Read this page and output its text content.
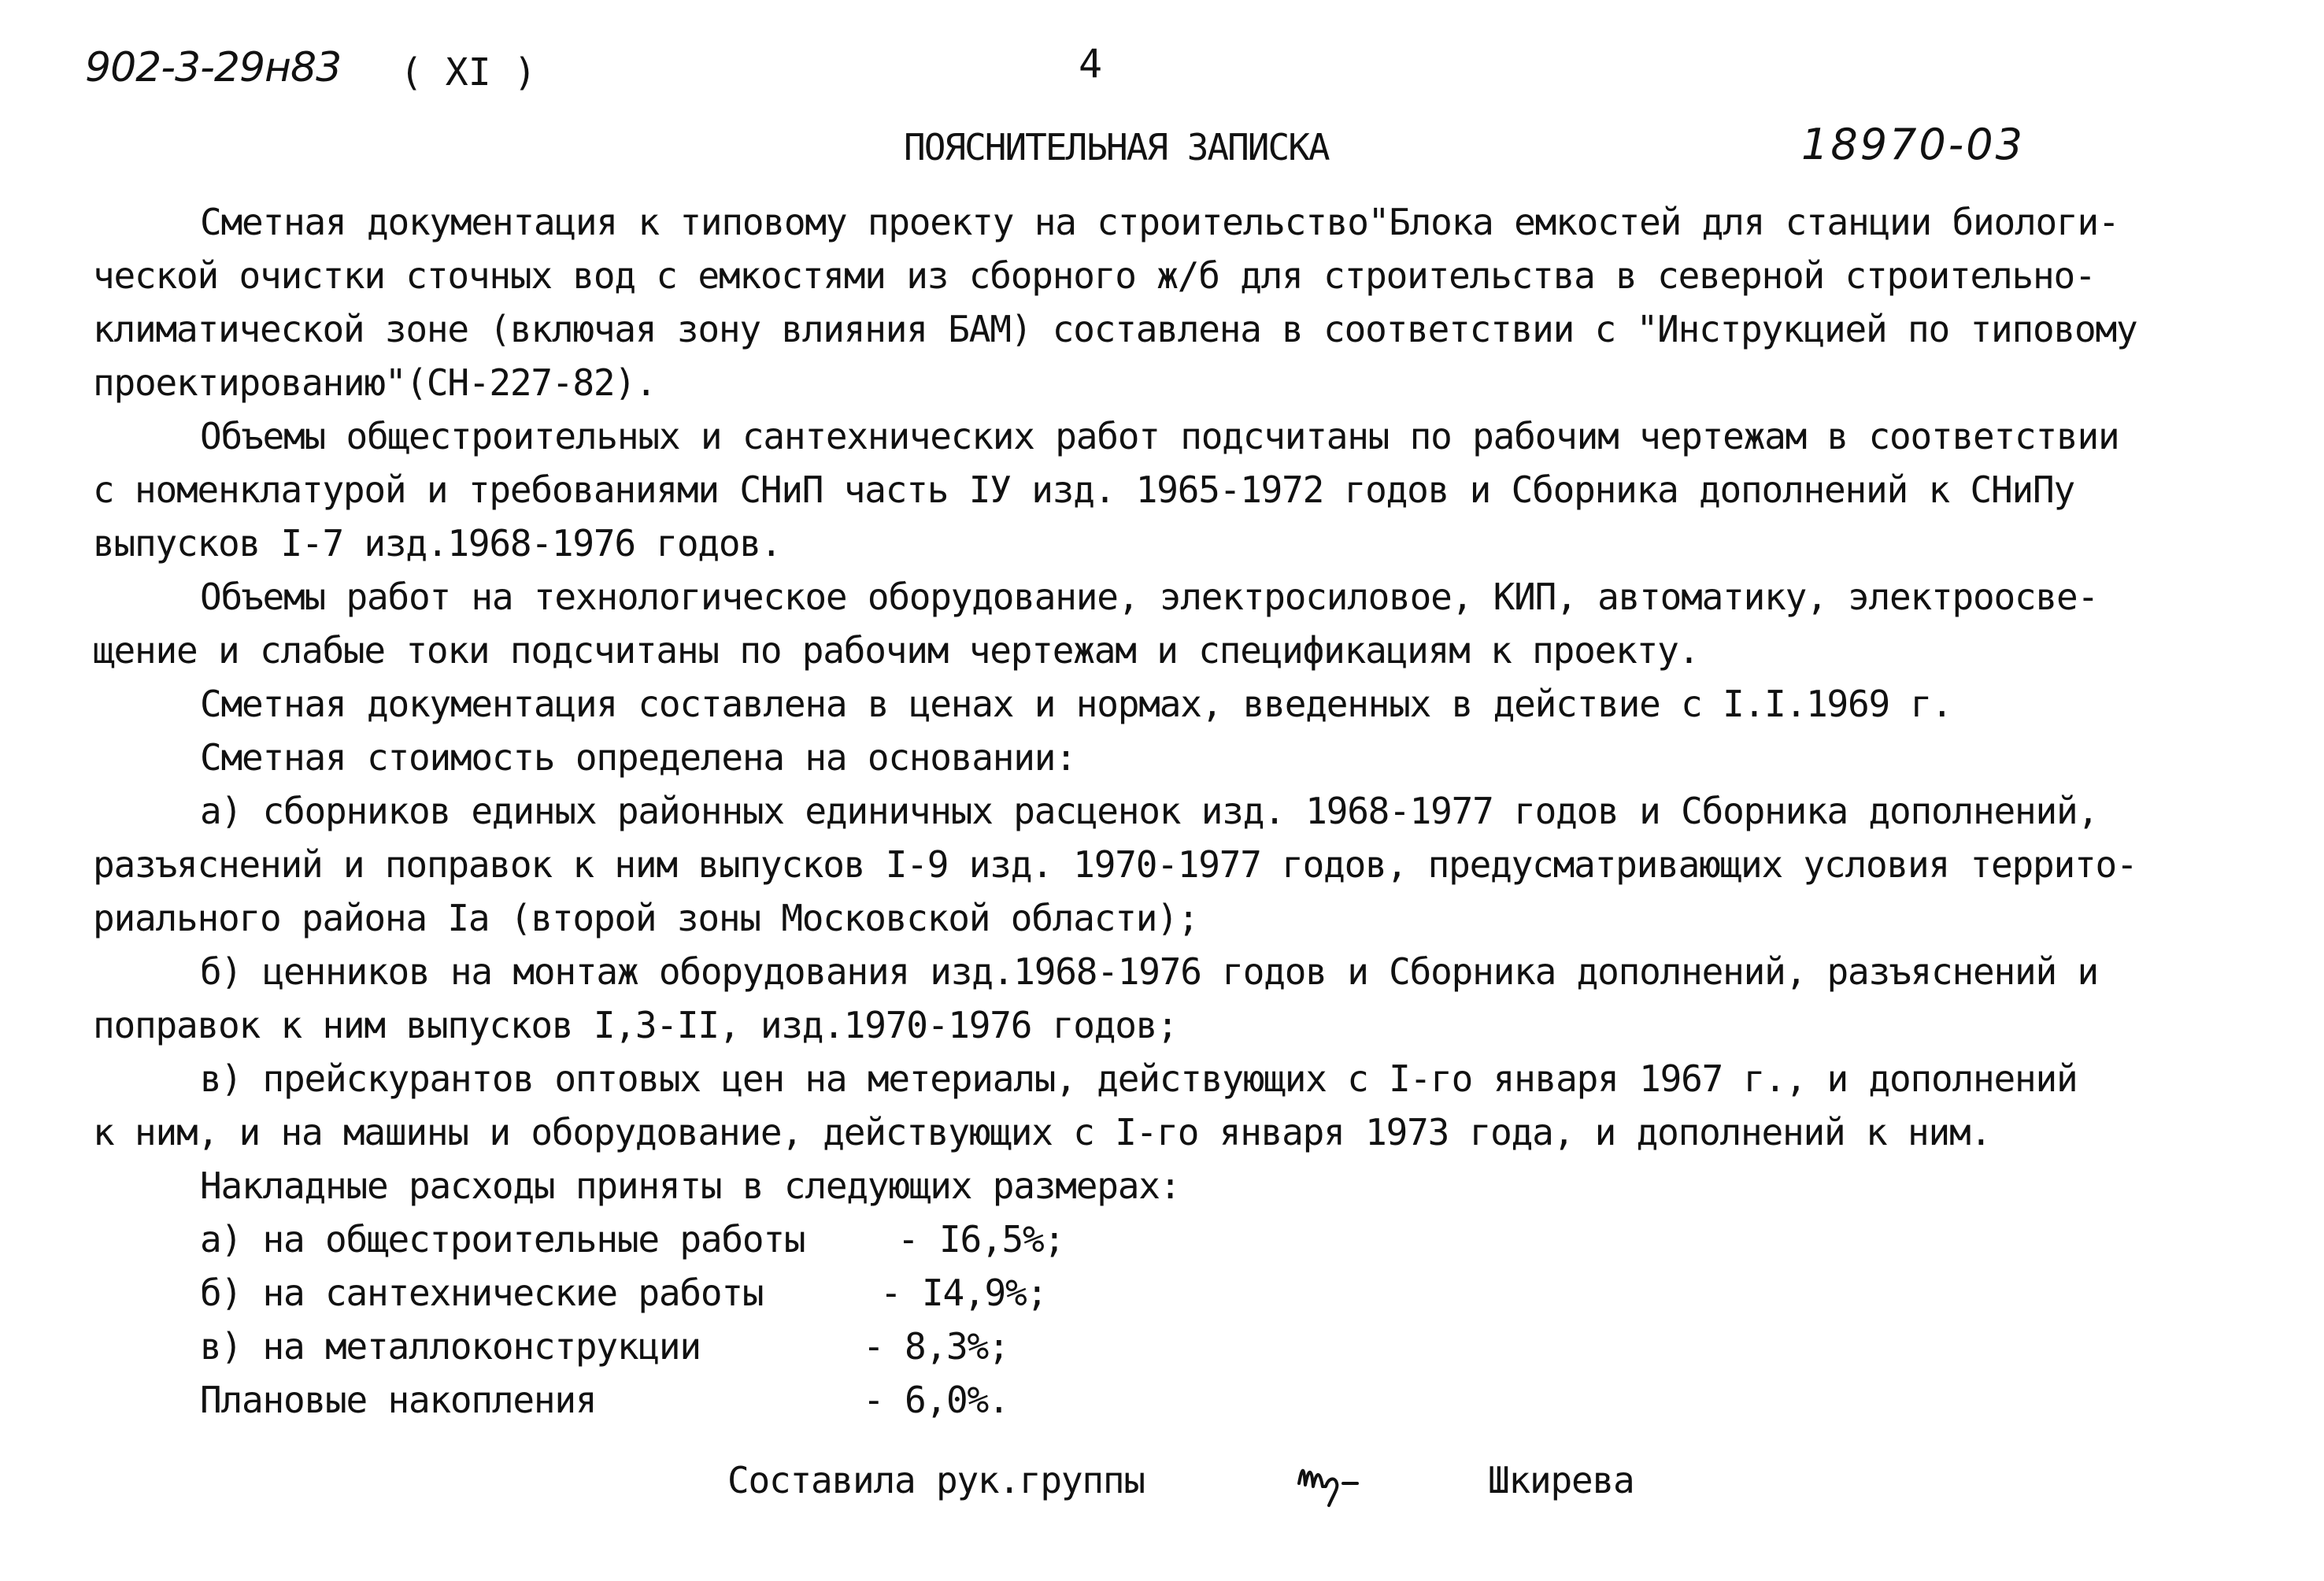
902-3-29н83 ( XI )	4
ПОЯСНИТЕЛЬНАЯ ЗАПИСКА	18970-03
Сметная документация к типовому проекту на строительство"Блока емкостей для станции биологи-
ческой очистки сточных вод с емкостями из сборного ж/б для строительства в северной строительно-
климатической зоне (включая зону влияния БАМ) составлена в соответствии с "Инструкцией по типовому
проектированию"(СН-227-82).
Объемы общестроительных и сантехнических работ подсчитаны по рабочим чертежам в соответствии
с номенклатурой и требованиями СНиП часть IУ изд. 1965-1972 годов и Сборника дополнений к СНиПу
выпусков I-7 изд.1968-1976 годов.
Объемы работ на технологическое оборудование, электросиловое, КИП, автоматику, электроосве-
щение и слабые токи подсчитаны по рабочим чертежам и спецификациям к проекту.
Сметная документация составлена в ценах и нормах, введенных в действие с I.I.1969 г.
Сметная стоимость определена на основании:
а) сборников единых районных единичных расценок изд. 1968-1977 годов и Сборника дополнений,
разъяснений и поправок к ним выпусков I-9 изд. 1970-1977 годов, предусматривающих условия террито-
риального района Iа (второй зоны Московской области);
б) ценников на монтаж оборудования изд.1968-1976 годов и Сборника дополнений, разъяснений и
поправок к ним выпусков I,3-II, изд.1970-1976 годов;
в) прейскурантов оптовых цен на метериалы, действующих с I-го января 1967 г., и дополнений
к ним, и на машины и оборудование, действующих с I-го января 1973 года, и дополнений к ним.
Накладные расходы приняты в следующих размерах:
а) на общестроительные работы	- I6,5%;
б) на сантехнические работы	- I4,9%;
в) на металлоконструкции	- 8,3%;
Плановые накопления	- 6,0%.
Составила рук.группы
Шк-
Шкирева
